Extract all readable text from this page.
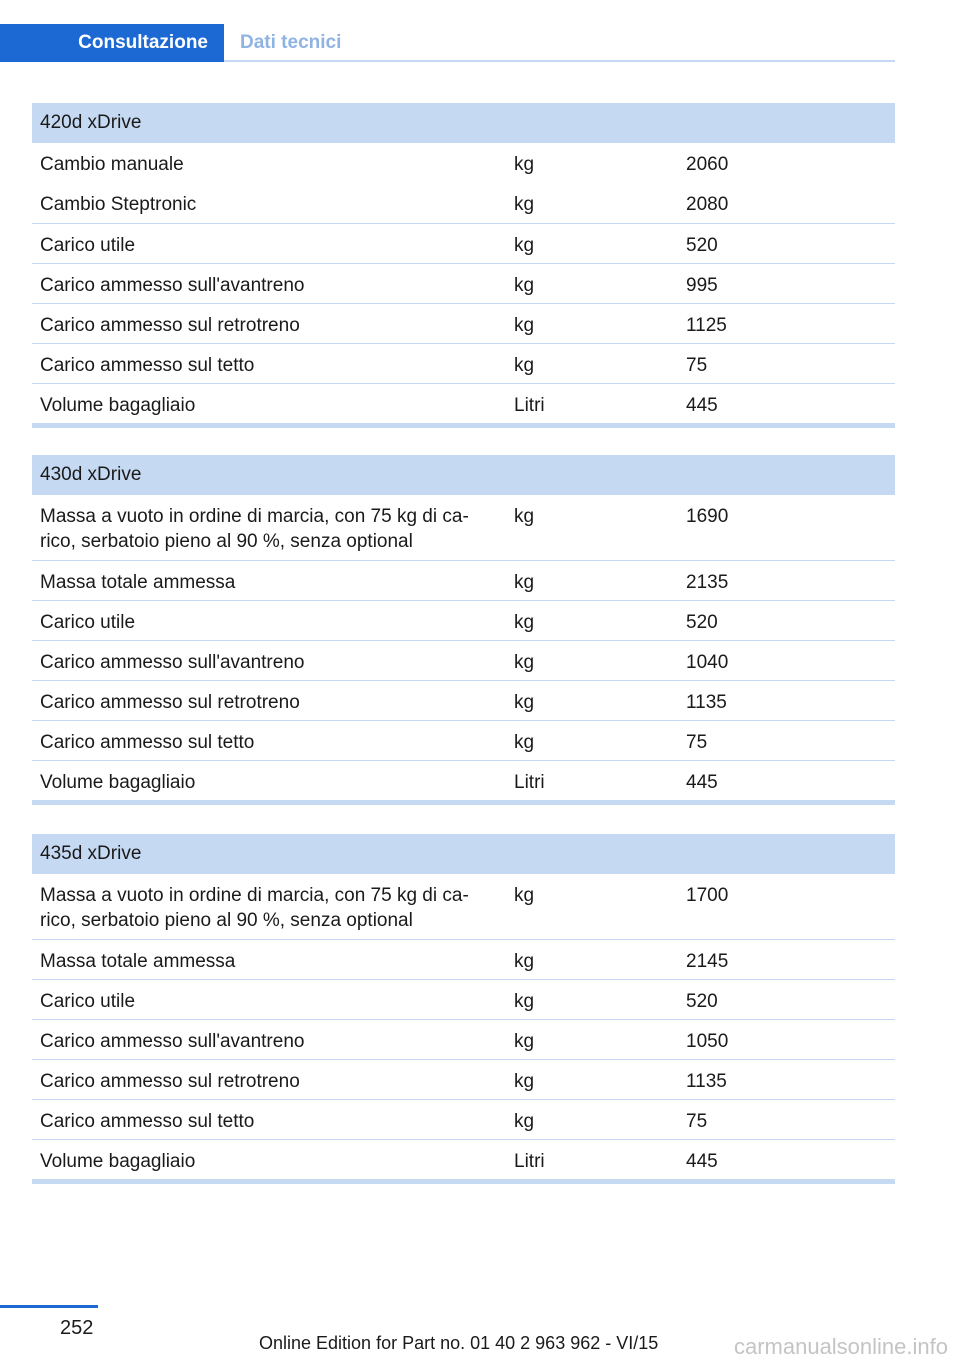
Consultazione	Dati tecnici
420d xDrive
Cambio manuale	kg	2060
Cambio Steptronic	kg	2080
Carico utile	kg	520
Carico ammesso sull'avantreno	kg	995
Carico ammesso sul retrotreno	kg	1125
Carico ammesso sul tetto	kg	75
Volume bagagliaio	Litri	445
430d xDrive
Massa a vuoto in ordine di marcia, con 75 kg di ca-
rico, serbatoio pieno al 90 %, senza optional
kg	1690
Massa totale ammessa	kg	2135
Carico utile	kg	520
Carico ammesso sull'avantreno	kg	1040
Carico ammesso sul retrotreno	kg	1135
Carico ammesso sul tetto	kg	75
Volume bagagliaio	Litri	445
435d xDrive
Massa a vuoto in ordine di marcia, con 75 kg di ca-
rico, serbatoio pieno al 90 %, senza optional
kg	1700
Massa totale ammessa	kg	2145
Carico utile	kg	520
Carico ammesso sull'avantreno	kg	1050
Carico ammesso sul retrotreno	kg	1135
Carico ammesso sul tetto	kg	75
Volume bagagliaio	Litri	445
252
Online Edition for Part no. 01 40 2 963 962 - VI/15	carmanualsonline.info
